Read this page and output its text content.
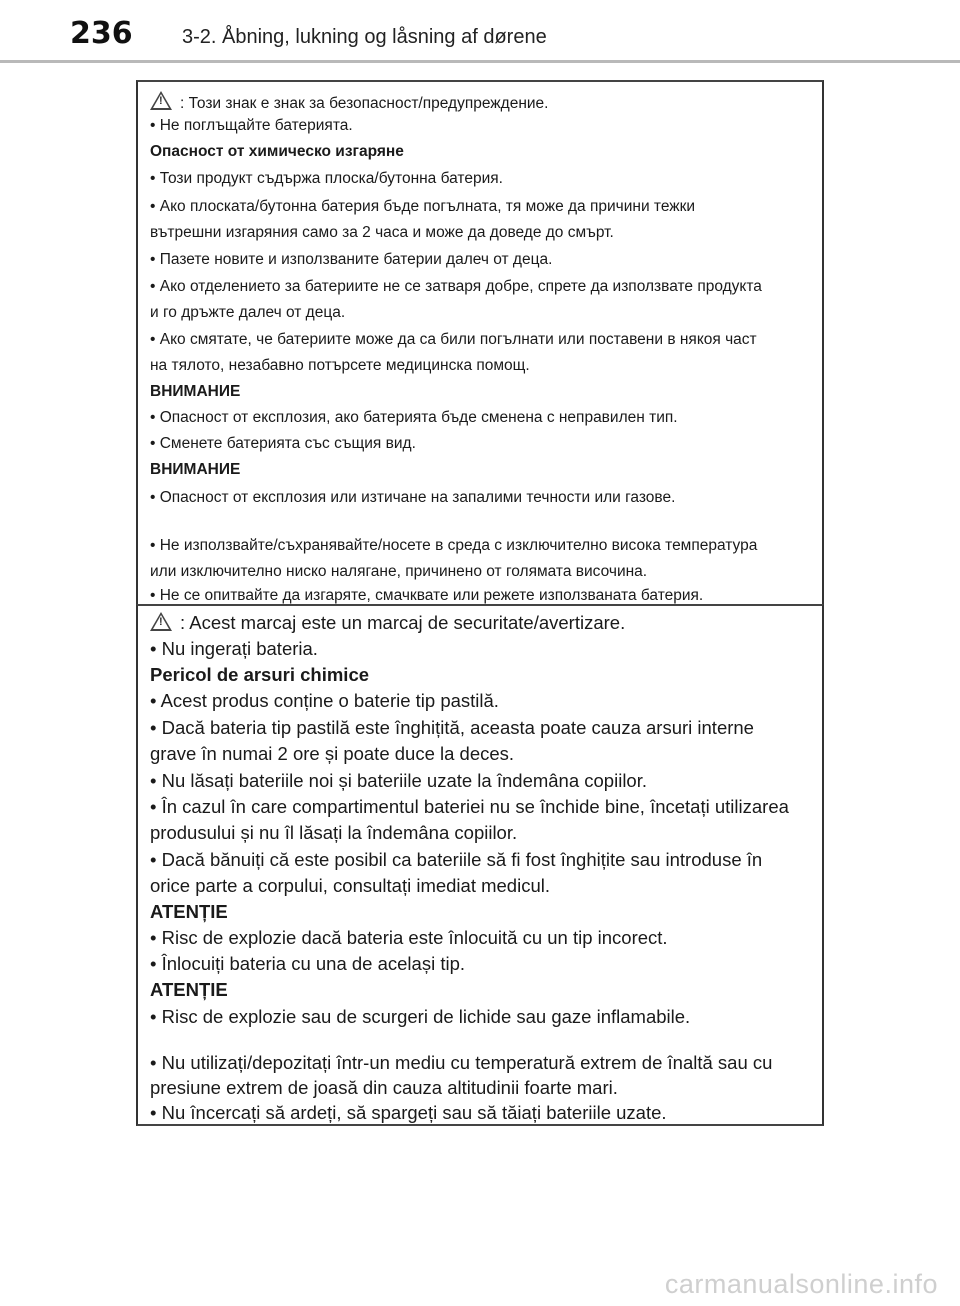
236 3-2. Åbning, lukning og låsning af dørene
!: Този знак е знак за безопасност/предупреждение.
• Не поглъщайте батерията.
Опасност от химическо изгаряне
• Този продукт съдържа плоска/бутонна батерия.
• Ако плоската/бутонна батерия бъде погълната, тя може да причини тежки
вътрешни изгаряния само за 2 часа и може да доведе до смърт.
• Пазете новите и използваните батерии далеч от деца.
• Ако отделението за батериите не се затваря добре, спрете да използвате продукта
и го дръжте далеч от деца.
• Ако смятате, че батериите може да са били погълнати или поставени в някоя част
на тялото, незабавно потърсете медицинска помощ.
ВНИМАНИЕ
• Опасност от експлозия, ако батерията бъде сменена с неправилен тип.
• Сменете батерията със същия вид.
ВНИМАНИЕ
• Опасност от експлозия или изтичане на запалими течности или газове.
• Не използвайте/съхранявайте/носете в среда с изключително висока температура
или изключително ниско налягане, причинено от голямата височина.
• Не се опитвайте да изгаряте, смачквате или режете използваната батерия.
!: Acest marcaj este un marcaj de securitate/avertizare.
• Nu ingerați bateria.
Pericol de arsuri chimice
• Acest produs conține o baterie tip pastilă.
• Dacă bateria tip pastilă este înghițită, aceasta poate cauza arsuri interne
grave în numai 2 ore și poate duce la deces.
• Nu lăsați bateriile noi și bateriile uzate la îndemâna copiilor.
• În cazul în care compartimentul bateriei nu se închide bine, încetați utilizarea
produsului și nu îl lăsați la îndemâna copiilor.
• Dacă bănuiți că este posibil ca bateriile să fi fost înghițite sau introduse în
orice parte a corpului, consultați imediat medicul.
ATENȚIE
• Risc de explozie dacă bateria este înlocuită cu un tip incorect.
• Înlocuiți bateria cu una de același tip.
ATENȚIE
• Risc de explozie sau de scurgeri de lichide sau gaze inflamabile.
• Nu utilizați/depozitați într-un mediu cu temperatură extrem de înaltă sau cu
presiune extrem de joasă din cauza altitudinii foarte mari.
• Nu încercați să ardeți, să spargeți sau să tăiați bateriile uzate.
carmanualsonline.info
